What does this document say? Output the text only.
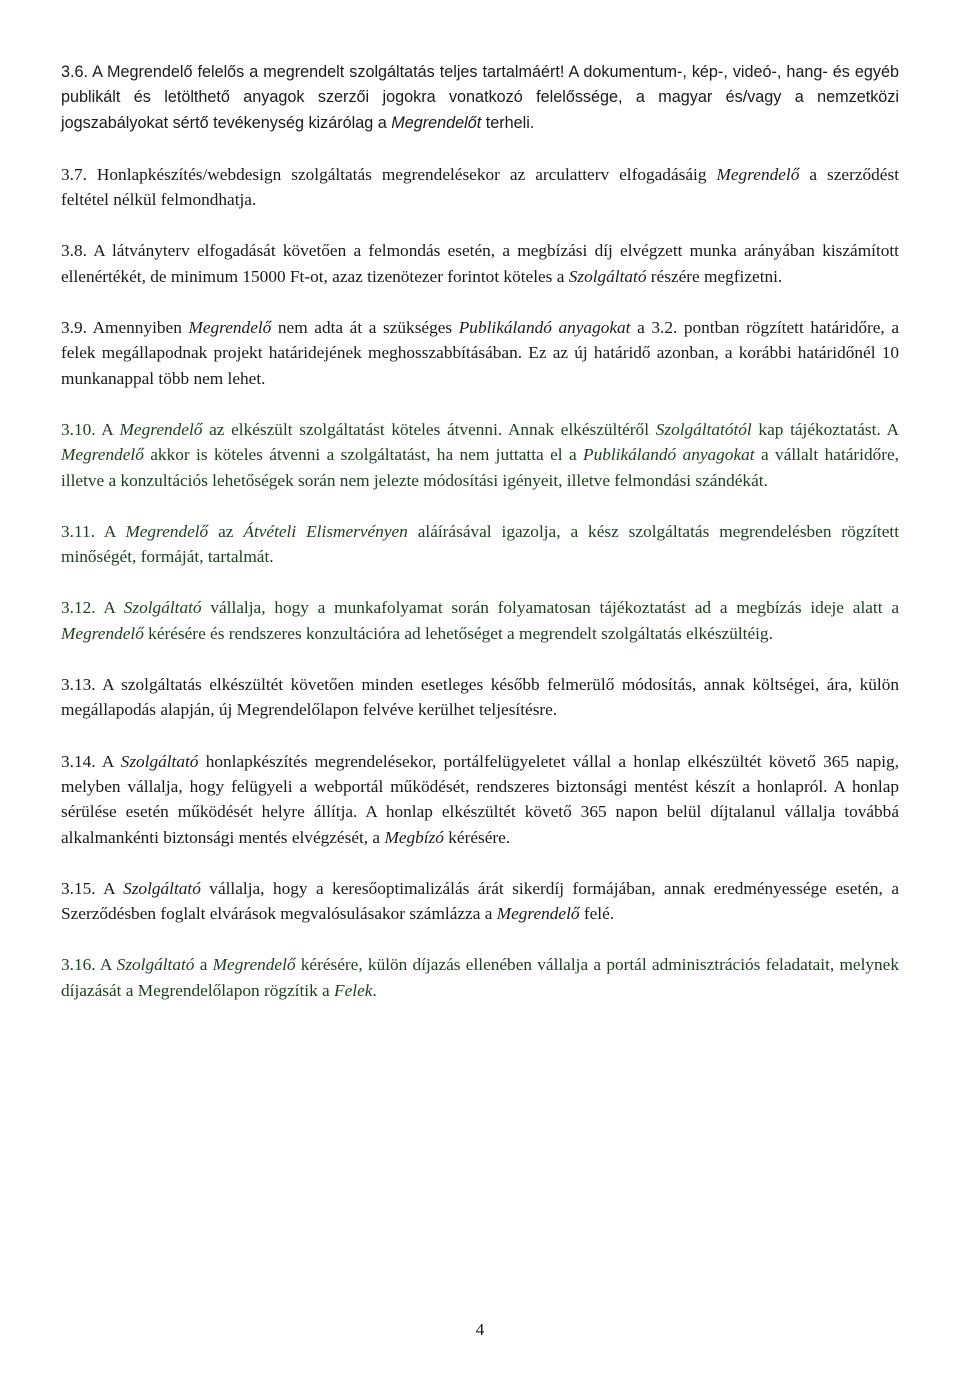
3.6. A Megrendelő felelős a megrendelt szolgáltatás teljes tartalmáért! A dokumentum-, kép-, videó-, hang- és egyéb publikált és letölthető anyagok szerzői jogokra vonatkozó felelőssége, a magyar és/vagy a nemzetközi jogszabályokat sértő tevékenység kizárólag a Megrendelőt terheli.

3.7. Honlapkészítés/webdesign szolgáltatás megrendelésekor az arculatterv elfogadásáig Megrendelő a szerződést feltétel nélkül felmondhatja.

3.8. A látványterv elfogadását követően a felmondás esetén, a megbízási díj elvégzett munka arányában kiszámított ellenértékét, de minimum 15000 Ft-ot, azaz tizenötezer forintot köteles a Szolgáltató részére megfizetni.

3.9. Amennyiben Megrendelő nem adta át a szükséges Publikálandó anyagokat a 3.2. pontban rögzített határidőre, a felek megállapodnak projekt határidejének meghosszabbításában. Ez az új határidő azonban, a korábbi határidőnél 10 munkanappal több nem lehet.

3.10. A Megrendelő az elkészült szolgáltatást köteles átvenni. Annak elkészültéről Szolgáltatótól kap tájékoztatást. A Megrendelő akkor is köteles átvenni a szolgáltatást, ha nem juttatta el a Publikálandó anyagokat a vállalt határidőre, illetve a konzultációs lehetőségek során nem jelezte módosítási igényeit, illetve felmondási szándékát.

3.11. A Megrendelő az Átvételi Elismervényen aláírásával igazolja, a kész szolgáltatás megrendelésben rögzített minőségét, formáját, tartalmát.

3.12. A Szolgáltató vállalja, hogy a munkafolyamat során folyamatosan tájékoztatást ad a megbízás ideje alatt a Megrendelő kérésére és rendszeres konzultációra ad lehetőséget a megrendelt szolgáltatás elkészültéig.

3.13. A szolgáltatás elkészültét követően minden esetleges később felmerülő módosítás, annak költségei, ára, külön megállapodás alapján, új Megrendelőlapon felvéve kerülhet teljesítésre.

3.14. A Szolgáltató honlapkészítés megrendelésekor, portálfelügyeletet vállal a honlap elkészültét követő 365 napig, melyben vállalja, hogy felügyeli a webportál működését, rendszeres biztonsági mentést készít a honlapról. A honlap sérülése esetén működését helyre állítja. A honlap elkészültét követő 365 napon belül díjtalanul vállalja továbbá alkalmankénti biztonsági mentés elvégzését, a Megbízó kérésére.

3.15. A Szolgáltató vállalja, hogy a keresőoptimalizálás árát sikerdíj formájában, annak eredményessége esetén, a Szerződésben foglalt elvárások megvalósulásakor számlázza a Megrendelő felé.

3.16. A Szolgáltató a Megrendelő kérésére, külön díjazás ellenében vállalja a portál adminisztrációs feladatait, melynek díjazását a Megrendelőlapon rögzítik a Felek.

4
